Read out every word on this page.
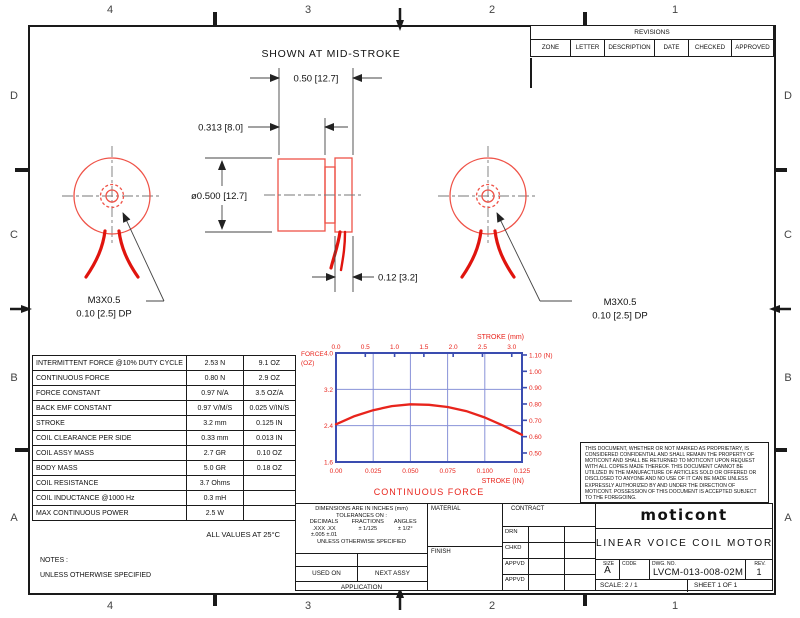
4	3	2	1
4	3	2	1
D
C
B
A
D
C
B
A
M3X0.5
0.10 [2.5] DP
M3X0.5
0.10 [2.5] DP
SHOWN AT MID-STROKE
0.50 [12.7]
0.313 [8.0]
ø0.500 [12.7]
0.12 [3.2]
REVISIONS
ZONE	LETTER	DESCRIPTION	DATE	CHECKED	APPROVED
INTERMITTENT FORCE @10% DUTY CYCLE	2.53 N	9.1 OZ
CONTINUOUS FORCE	0.80 N	2.9 OZ
FORCE CONSTANT	0.97 N/A	3.5 OZ/A
BACK EMF CONSTANT	0.97 V/M/S	0.025 V/IN/S
STROKE	3.2 mm	0.125 IN
COIL CLEARANCE PER SIDE	0.33 mm	0.013 IN
COIL ASSY MASS	2.7 GR	0.10 OZ
BODY MASS	5.0 GR	0.18 OZ
COIL RESISTANCE	3.7 Ohms	
COIL INDUCTANCE @1000 Hz	0.3 mH	
MAX CONTINUOUS POWER	2.5 W	
ALL VALUES AT 25°C
0.0	0.5	1.0	1.5	2.0	2.5	3.0
STROKE (mm)
FORCE
(OZ)
4.0
3.2
2.4
1.6
1.10 (N)
1.00
0.90
0.80
0.70
0.60
0.50
0.00	0.025	0.050	0.075	0.100	0.125
STROKE (IN)
CONTINUOUS FORCE
THIS DOCUMENT, WHETHER OR NOT MARKED AS PROPRIETARY, IS CONSIDERED CONFIDENTIAL AND SHALL REMAIN THE PROPERTY OF MOTICONT AND SHALL BE RETURNED TO MOTICONT UPON REQUEST WITH ALL COPIES MADE THEREOF. THIS DOCUMENT CANNOT BE UTILIZED IN THE MANUFACTURE OF ARTICLES SOLD OR OFFERED OR DISCLOSED TO ANYONE AND NO USE OF IT CAN BE MADE UNLESS EXPRESSLY AUTHORIZED BY AND UNDER THE DIRECTION OF MOTICONT. POSSESSION OF THIS DOCUMENT IS ACCEPTED SUBJECT TO THE FOREGOING.
NOTES :
UNLESS OTHERWISE SPECIFIED
DIMENSIONS ARE IN INCHES (mm)
TOLERANCES ON :
DECIMALS
.XXX .XX
±.005 ±.01
FRACTIONS
± 1/125
ANGLES
± 1/2°
UNLESS OTHERWISE SPECIFIED
USED ON	NEXT ASSY
APPLICATION
MATERIAL
FINISH
CONTRACT
DRN
CHKD
APPVD
APPVD
moticont
LINEAR VOICE COIL MOTOR
SIZE
A
CODE	DWG. NO.
LVCM-013-008-02M
REV.
1
SCALE: 2 / 1	SHEET 1 OF 1
